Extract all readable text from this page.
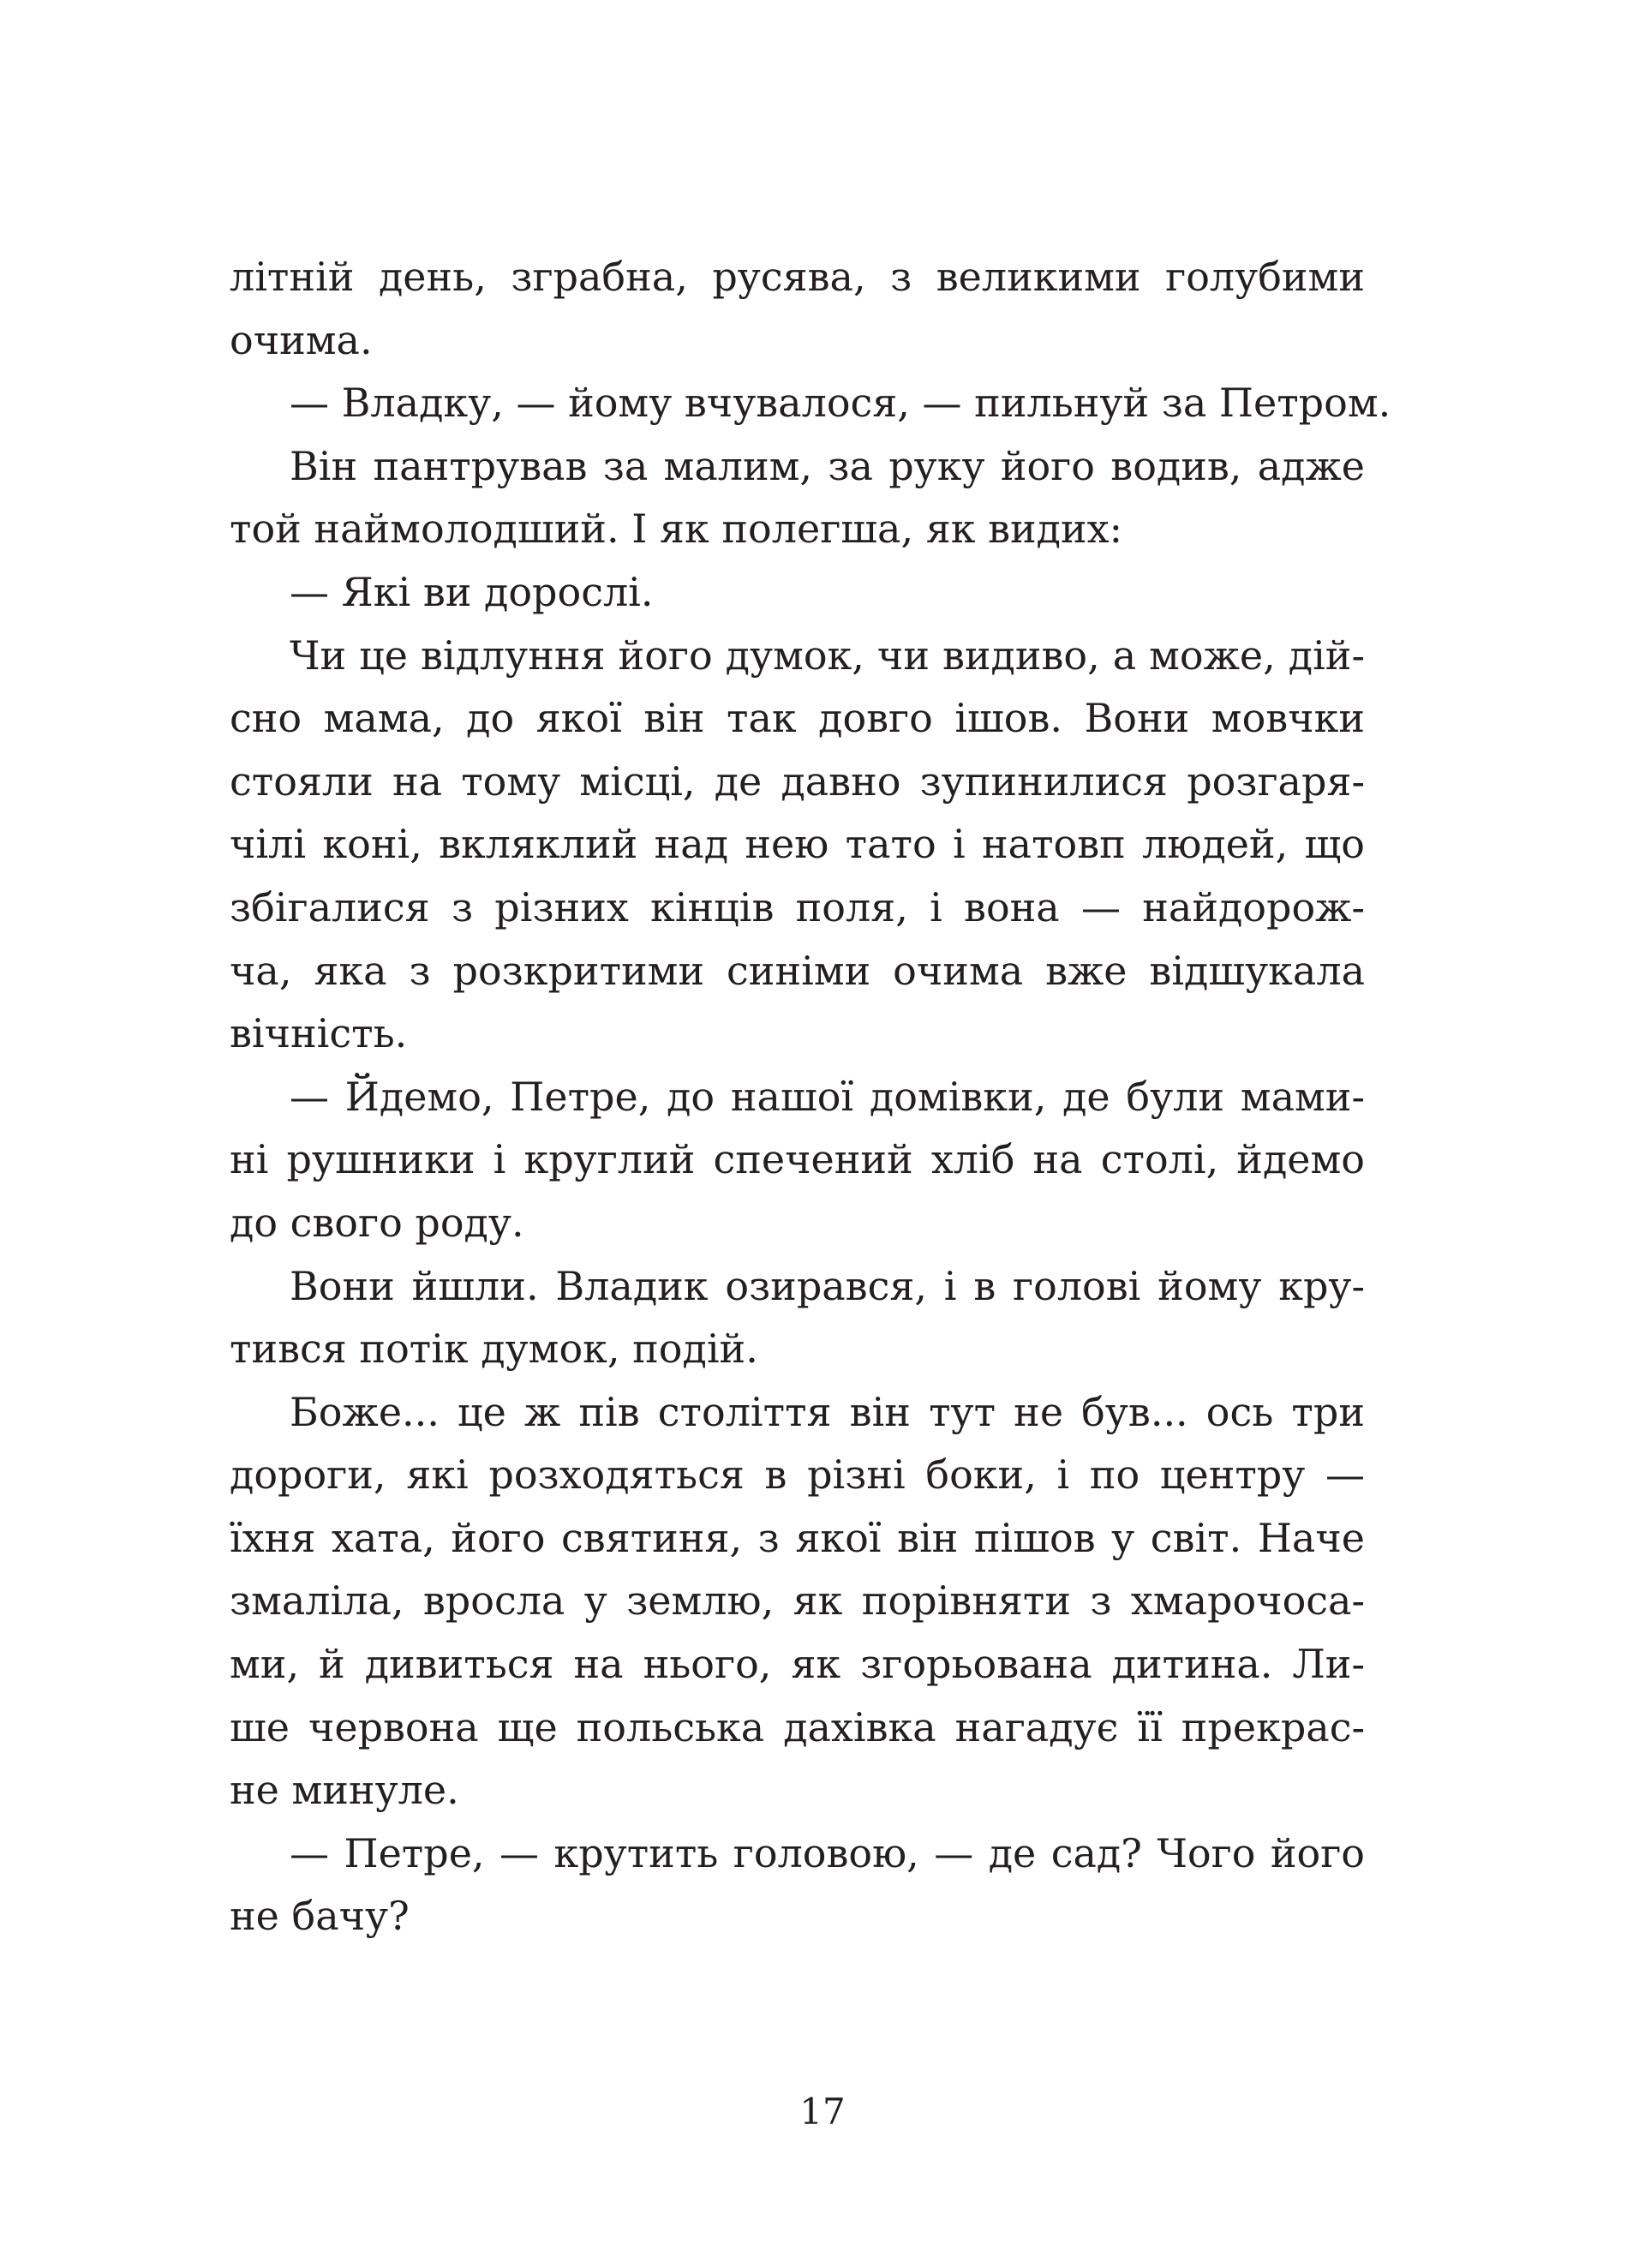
літній день, зграбна, русява, з великими голубими
очима.
— Владку, — йому вчувалося, — пильнуй за Петром.
Він пантрував за малим, за руку його водив, адже
той наймолодший. І як полегша, як видих:
— Які ви дорослі.
Чи це відлуння його думок, чи видиво, а може, дій-
сно мама, до якої він так довго ішов. Вони мовчки
стояли на тому місці, де давно зупинилися розгаря-
чілі коні, вкляклий над нею тато і натовп людей, що
збігалися з різних кінців поля, і вона — найдорож-
ча, яка з розкритими синіми очима вже відшукала
вічність.
— Йдемо, Петре, до нашої домівки, де були мами-
ні рушники і круглий спечений хліб на столі, йдемо
до свого роду.
Вони йшли. Владик озирався, і в голові йому кру-
тився потік думок, подій.
Боже... це ж пів століття він тут не був... ось три
дороги, які розходяться в різні боки, і по центру —
їхня хата, його святиня, з якої він пішов у світ. Наче
змаліла, вросла у землю, як порівняти з хмарочоса-
ми, й дивиться на нього, як згорьована дитина. Ли-
ше червона ще польська дахівка нагадує її прекрас-
не минуле.
— Петре, — крутить головою, — де сад? Чого його
не бачу?
17
